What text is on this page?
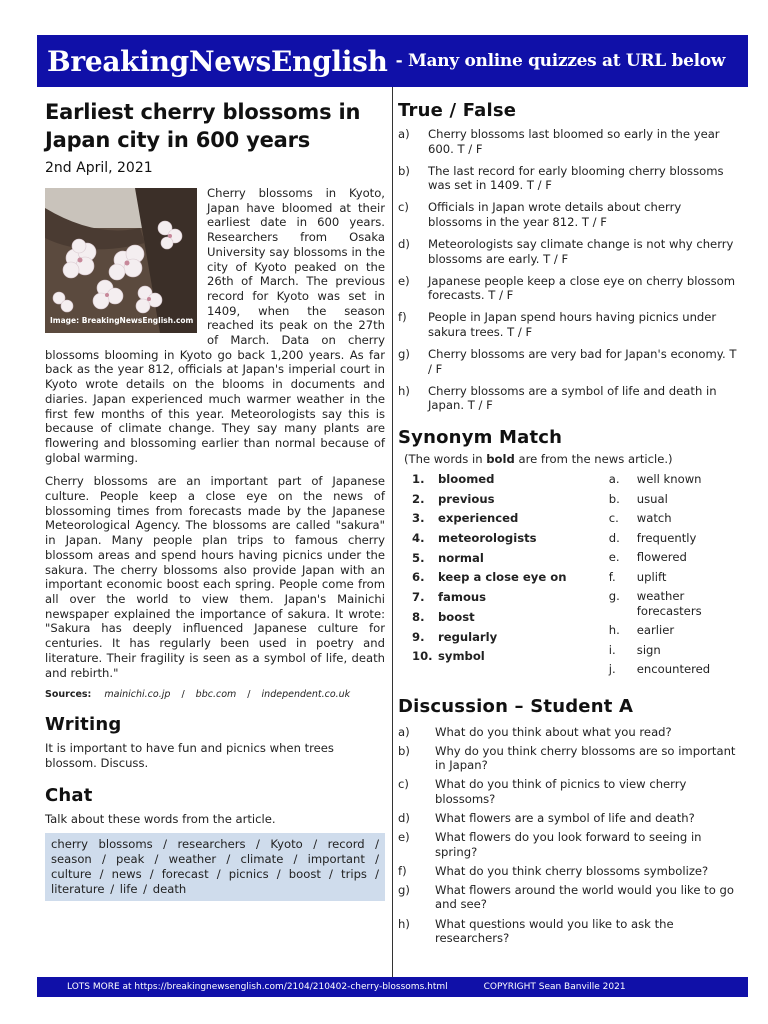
BreakingNewsEnglish - Many online quizzes at URL below
Earliest cherry blossoms in Japan city in 600 years
2nd April, 2021
Image: BreakingNewsEnglish.com

Cherry blossoms in Kyoto, Japan have bloomed at their earliest date in 600 years. Researchers from Osaka University say blossoms in the city of Kyoto peaked on the 26th of March. The previous record for Kyoto was set in 1409, when the season reached its peak on the 27th of March. Data on cherry blossoms blooming in Kyoto go back 1,200 years. As far back as the year 812, officials at Japan's imperial court in Kyoto wrote details on the blooms in documents and diaries. Japan experienced much warmer weather in the first few months of this year. Meteorologists say this is because of climate change. They say many plants are flowering and blossoming earlier than normal because of global warming.

Cherry blossoms are an important part of Japanese culture. People keep a close eye on the news of blossoming times from forecasts made by the Japanese Meteorological Agency. The blossoms are called "sakura" in Japan. Many people plan trips to famous cherry blossom areas and spend hours having picnics under the sakura. The cherry blossoms also provide Japan with an important economic boost each spring. People come from all over the world to view them. Japan's Mainichi newspaper explained the importance of sakura. It wrote: "Sakura has deeply influenced Japanese culture for centuries. It has regularly been used in poetry and literature. Their fragility is seen as a symbol of life, death and rebirth."

Sources: mainichi.co.jp / bbc.com / independent.co.uk
Writing
It is important to have fun and picnics when trees blossom. Discuss.
Chat
Talk about these words from the article.
cherry blossoms / researchers / Kyoto / record / season / peak / weather / climate / important / culture / news / forecast / picnics / boost / trips / literature / life / death
True / False
a)	Cherry blossoms last bloomed so early in the year 600. T / F
b)	The last record for early blooming cherry blossoms was set in 1409. T / F
c)	Officials in Japan wrote details about cherry blossoms in the year 812. T / F
d)	Meteorologists say climate change is not why cherry blossoms are early. T / F
e)	Japanese people keep a close eye on cherry blossom forecasts. T / F
f)	People in Japan spend hours having picnics under sakura trees. T / F
g)	Cherry blossoms are very bad for Japan's economy. T / F
h)	Cherry blossoms are a symbol of life and death in Japan. T / F
Synonym Match
(The words in bold are from the news article.)
1.	bloomed
2.	previous
3.	experienced
4.	meteorologists
5.	normal
6.	keep a close eye on
7.	famous
8.	boost
9.	regularly
10. symbol
a.	well known
b.	usual
c.	watch
d.	frequently
e.	flowered
f.	uplift
g.	weather forecasters
h.	earlier
i.	sign
j.	encountered
Discussion – Student A
a)	What do you think about what you read?
b)	Why do you think cherry blossoms are so important in Japan?
c)	What do you think of picnics to view cherry blossoms?
d)	What flowers are a symbol of life and death?
e)	What flowers do you look forward to seeing in spring?
f)	What do you think cherry blossoms symbolize?
g)	What flowers around the world would you like to go and see?
h)	What questions would you like to ask the researchers?
LOTS MORE at https://breakingnewsenglish.com/2104/210402-cherry-blossoms.html	COPYRIGHT Sean Banville 2021
